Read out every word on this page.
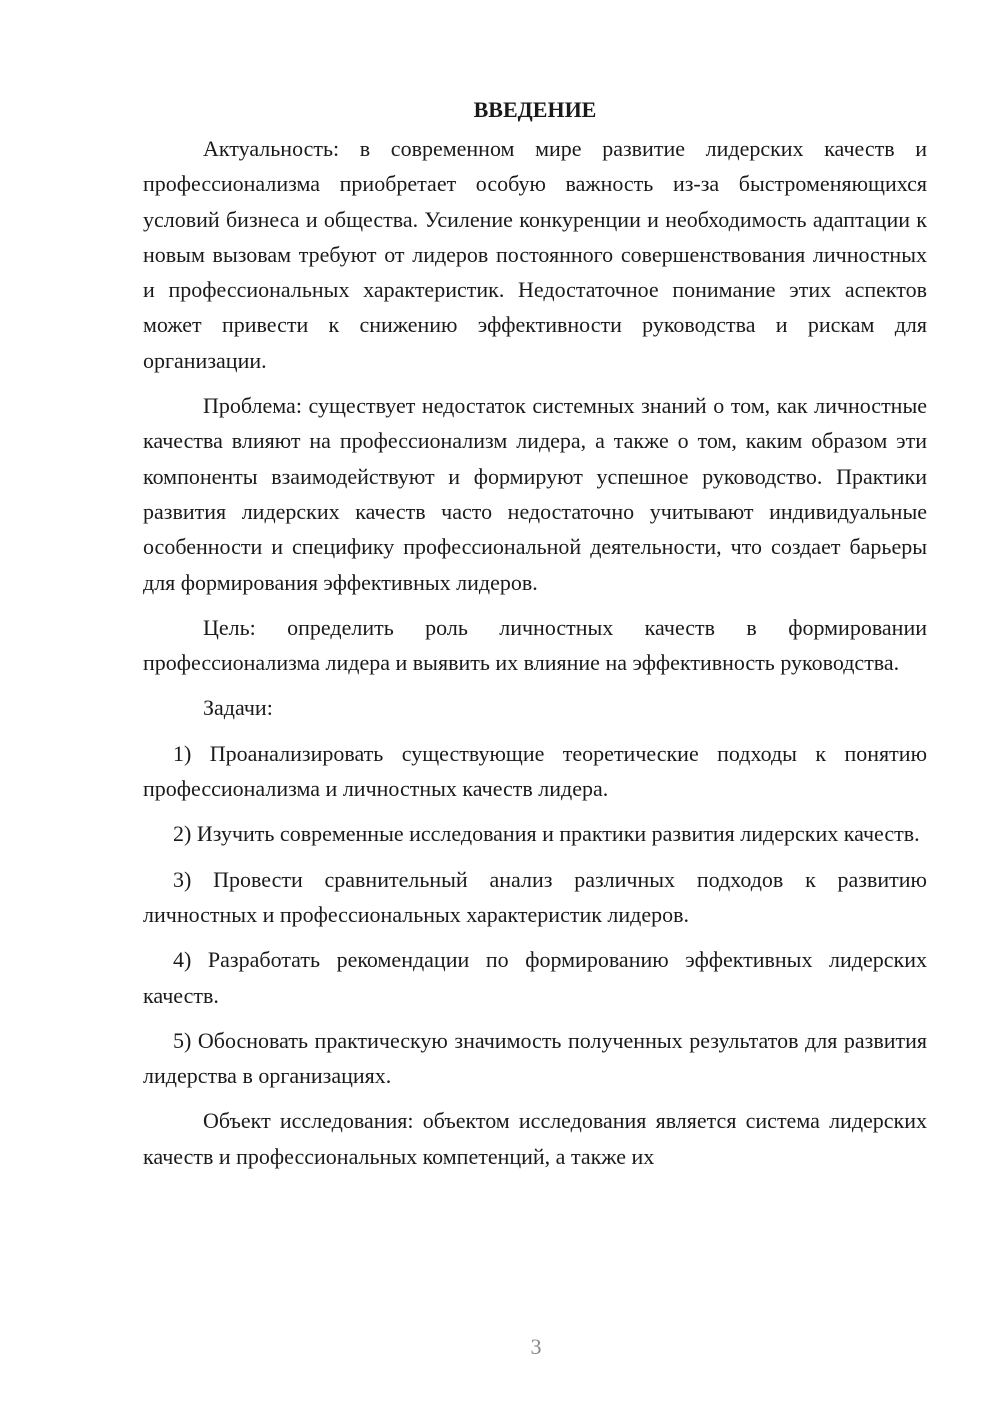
ВВЕДЕНИЕ

Актуальность: в современном мире развитие лидерских качеств и профессионализма приобретает особую важность из-за быстроменяющихся условий бизнеса и общества. Усиление конкуренции и необходимость адаптации к новым вызовам требуют от лидеров постоянного совершенствования личностных и профессиональных характеристик. Недостаточное понимание этих аспектов может привести к снижению эффективности руководства и рискам для организации.

Проблема: существует недостаток системных знаний о том, как личностные качества влияют на профессионализм лидера, а также о том, каким образом эти компоненты взаимодействуют и формируют успешное руководство. Практики развития лидерских качеств часто недостаточно учитывают индивидуальные особенности и специфику профессиональной деятельности, что создает барьеры для формирования эффективных лидеров.

Цель: определить роль личностных качеств в формировании профессионализма лидера и выявить их влияние на эффективность руководства.

Задачи:

1) Проанализировать существующие теоретические подходы к понятию профессионализма и личностных качеств лидера.

2) Изучить современные исследования и практики развития лидерских качеств.

3) Провести сравнительный анализ различных подходов к развитию личностных и профессиональных характеристик лидеров.

4) Разработать рекомендации по формированию эффективных лидерских качеств.

5) Обосновать практическую значимость полученных результатов для развития лидерства в организациях.

Объект исследования: объектом исследования является система лидерских качеств и профессиональных компетенций, а также их

3
